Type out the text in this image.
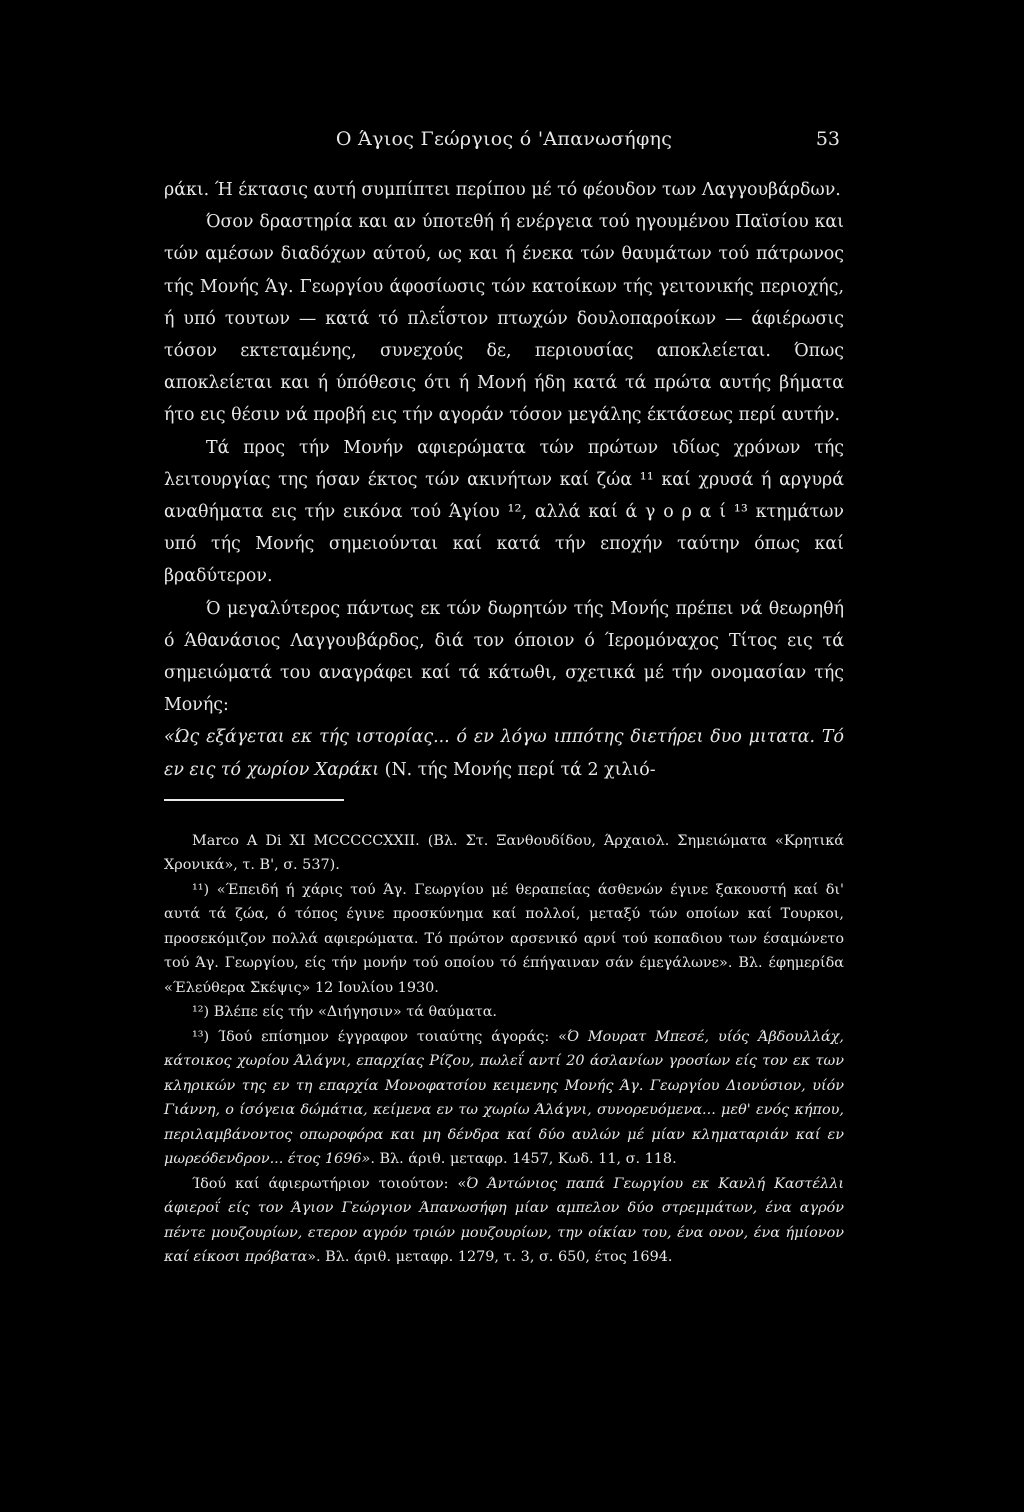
Ο Άγιος Γεώργιος ό 'Απανωσήφης	53

ράκι. Ή έκτασις αυτή συμπίπτει περίπου μέ τό φέουδον των Λαγγουβάρδων.

Όσον δραστηρία και αν ύποτεθή ή ενέργεια τού ηγουμένου Παϊσίου και τών αμέσων διαδόχων αύτού, ως και ή ένεκα τών θαυμάτων τού πάτρωνος τής Μονής Άγ. Γεωργίου άφοσίωσις τών κατοίκων τής γειτονικής περιοχής, ή υπό τουτων — κατά τό πλεΐστον πτωχών δουλοπαροίκων — άφιέρωσις τόσον εκτεταμένης, συνεχούς δε, περιουσίας αποκλείεται. Όπως αποκλείεται και ή ύπόθεσις ότι ή Μονή ήδη κατά τά πρώτα αυτής βήματα ήτο εις θέσιν νά προβή εις τήν αγοράν τόσον μεγάλης έκτάσεως περί αυτήν.

Τά προς τήν Μονήν αφιερώματα τών πρώτων ιδίως χρόνων τής λειτουργίας της ήσαν έκτος τών ακινήτων καί ζώα ¹¹ καί χρυσά ή αργυρά αναθήματα εις τήν εικόνα τού Άγίου ¹², αλλά καί ά γ ο ρ α ί ¹³ κτημάτων υπό τής Μονής σημειούνται καί κατά τήν εποχήν ταύτην όπως καί βραδύτερον.

Ό μεγαλύτερος πάντως εκ τών δωρητών τής Μονής πρέπει νά θεωρηθή ό Άθανάσιος Λαγγουβάρδος, διά τον όποιον ό Ίερομόναχος Τίτος εις τά σημειώματά του αναγράφει καί τά κάτωθι, σχετικά μέ τήν ονομασίαν τής Μονής:

«Ώς εξάγεται εκ τής ιστορίας... ό εν λόγω ιππότης διετήρει δυο μιτατα. Τό εν εις τό χωρίον Χαράκι (Ν. τής Μονής περί τά 2 χιλιό-

Marco A Di XI MCCCCCXXII. (Βλ. Στ. Ξανθουδίδου, Άρχαιολ. Σημειώματα «Κρητικά Χρονικά», τ. Β', σ. 537).

¹¹) «Έπειδή ή χάρις τού Άγ. Γεωργίου μέ θεραπείας άσθενών έγινε ξακουστή καί δι' αυτά τά ζώα, ό τόπος έγινε προσκύνημα καί πολλοί, μεταξύ τών οποίων καί Τουρκοι, προσεκόμιζον πολλά αφιερώματα. Τό πρώτον αρσενικό αρνί τού κοπαδιου των έσαμώνετο τού Άγ. Γεωργίου, είς τήν μονήν τού οποίου τό έπήγαιναν σάν έμεγάλωνε». Βλ. έφημερίδα «Έλεύθερα Σκέψις» 12 Ιουλίου 1930.

¹²) Βλέπε είς τήν «Διήγησιν» τά θαύματα.

¹³) Ίδού επίσημον έγγραφον τοιαύτης άγοράς: «Ό Μουρατ Μπεσέ, υίός Άβδουλλάχ, κάτοικος χωρίου Άλάγνι, επαρχίας Ρίζου, πωλεΐ αντί 20 άσλανίων γροσίων είς τον εκ των κληρικών της εν τη επαρχία Μονοφατσίου κειμενης Μονής Άγ. Γεωργίου Διονύσιον, υίόν Γιάννη, ο ίσόγεια δώμάτια, κείμενα εν τω χωρίω Άλάγνι, συνορευόμενα... μεθ' ενός κήπου, περιλαμβάνοντος οπωροφόρα και μη δένδρα καί δύο αυλών μέ μίαν κληματαριάν καί εν μωρεόδενδρον... έτος 1696». Βλ. άριθ. μεταφρ. 1457, Κωδ. 11, σ. 118.

Ίδού καί άφιερωτήριον τοιούτον: «Ό Άντώνιος παπά Γεωργίου εκ Κανλή Καστέλλι άφιεροΐ είς τον Άγιον Γεώργιον Άπανωσήφη μίαν αμπελον δύο στρεμμάτων, ένα αγρόν πέντε μουζουρίων, ετερον αγρόν τριών μουζουρίων, την οίκίαν του, ένα ονον, ένα ήμίονον καί είκοσι πρόβατα». Βλ. άριθ. μεταφρ. 1279, τ. 3, σ. 650, έτος 1694.
